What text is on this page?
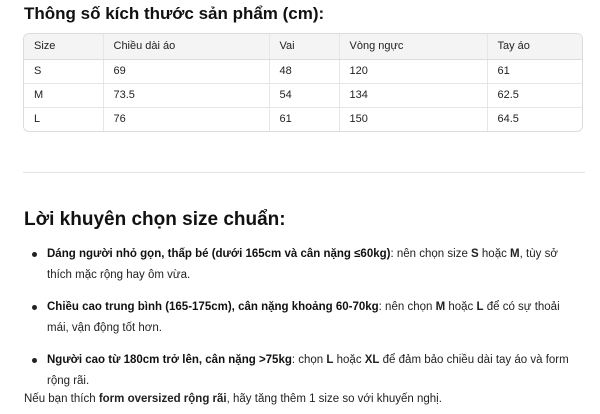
Thông số kích thước sản phẩm (cm):
Size	Chiều dài áo	Vai	Vòng ngực	Tay áo
S	69	48	120	61
M	73.5	54	134	62.5
L	76	61	150	64.5
Lời khuyên chọn size chuẩn:
Dáng người nhỏ gọn, thấp bé (dưới 165cm và cân nặng ≤60kg): nên chọn size S hoặc M, tùy sở thích mặc rộng hay ôm vừa.
Chiều cao trung bình (165-175cm), cân nặng khoảng 60-70kg: nên chọn M hoặc L để có sự thoải mái, vận động tốt hơn.
Người cao từ 180cm trở lên, cân nặng >75kg: chọn L hoặc XL để đảm bảo chiều dài tay áo và form rộng rãi.

Nếu bạn thích form oversized rộng rãi, hãy tăng thêm 1 size so với khuyến nghị.
